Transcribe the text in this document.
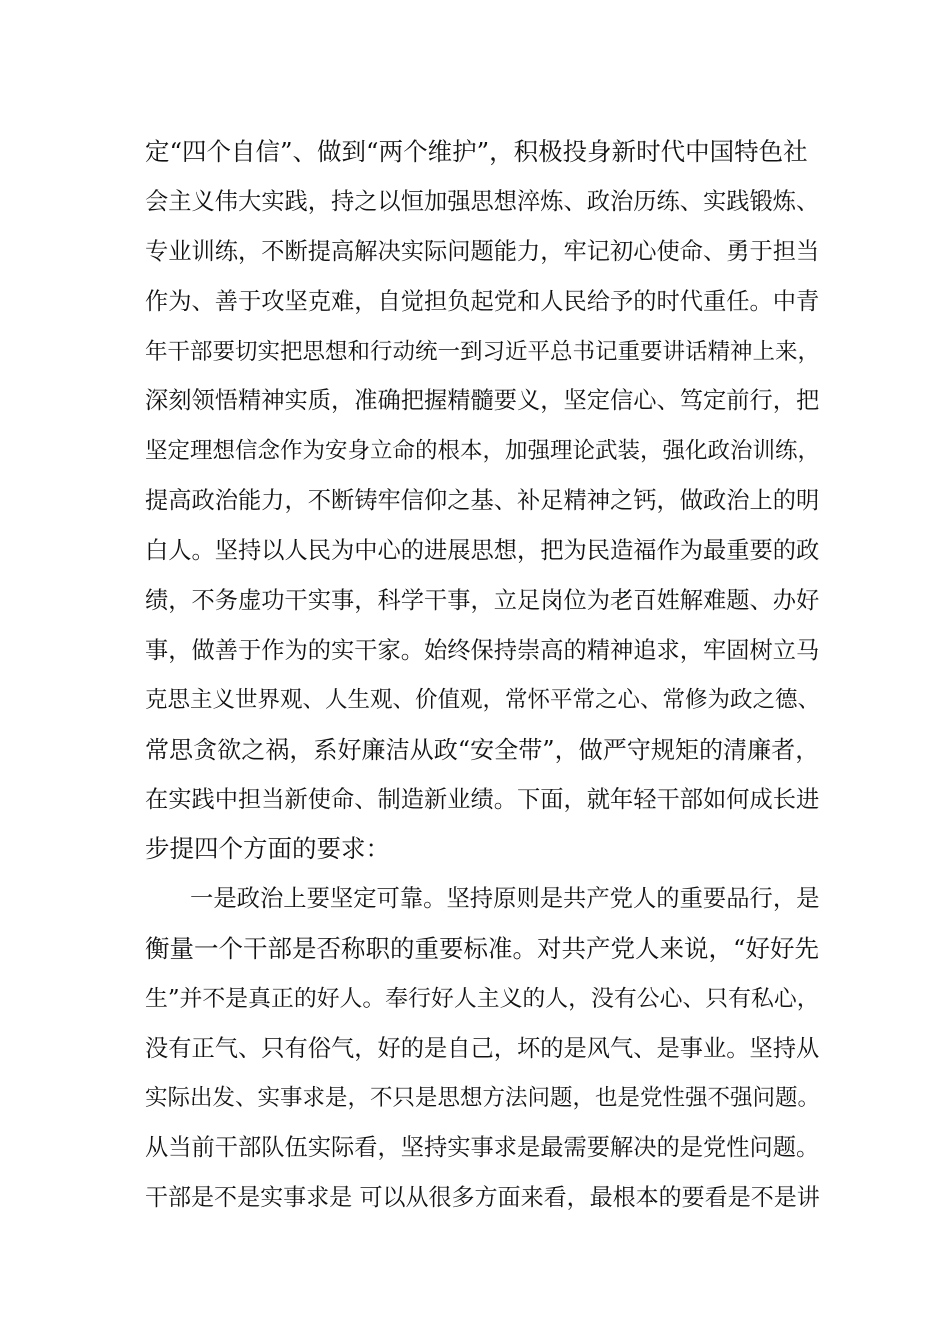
定“四个自信”、做到“两个维护”，积极投身新时代中国特色社
会主义伟大实践，持之以恒加强思想淬炼、政治历练、实践锻炼、
专业训练，不断提高解决实际问题能力，牢记初心使命、勇于担当
作为、善于攻坚克难，自觉担负起党和人民给予的时代重任。中青
年干部要切实把思想和行动统一到习近平总书记重要讲话精神上来，
深刻领悟精神实质，准确把握精髓要义，坚定信心、笃定前行，把
坚定理想信念作为安身立命的根本，加强理论武装，强化政治训练，
提高政治能力，不断铸牢信仰之基、补足精神之钙，做政治上的明
白人。坚持以人民为中心的进展思想，把为民造福作为最重要的政
绩，不务虚功干实事，科学干事，立足岗位为老百姓解难题、办好
事，做善于作为的实干家。始终保持崇高的精神追求，牢固树立马
克思主义世界观、人生观、价值观，常怀平常之心、常修为政之德、
常思贪欲之祸，系好廉洁从政“安全带”，做严守规矩的清廉者，
在实践中担当新使命、制造新业绩。下面，就年轻干部如何成长进
步提四个方面的要求：
一是政治上要坚定可靠。坚持原则是共产党人的重要品行，是
衡量一个干部是否称职的重要标准。对共产党人来说，“好好先
生”并不是真正的好人。奉行好人主义的人，没有公心、只有私心，
没有正气、只有俗气，好的是自己，坏的是风气、是事业。坚持从
实际出发、实事求是，不只是思想方法问题，也是党性强不强问题。
从当前干部队伍实际看，坚持实事求是最需要解决的是党性问题。
干部是不是实事求是 可以从很多方面来看，最根本的要看是不是讲
